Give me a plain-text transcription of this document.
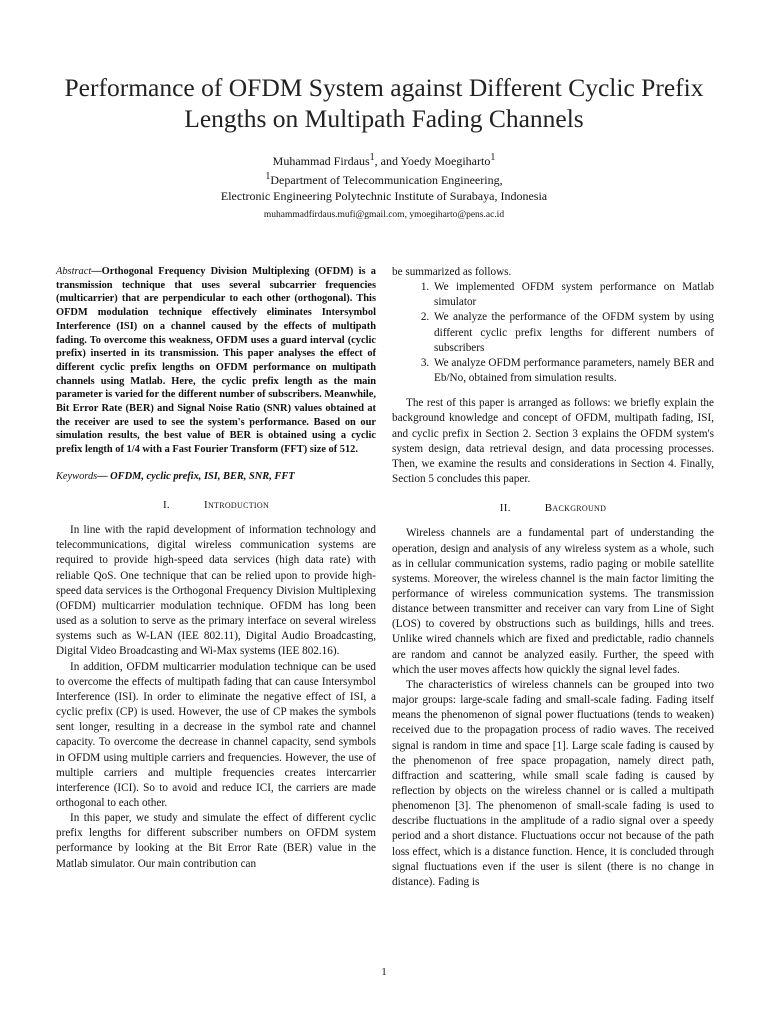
Performance of OFDM System against Different Cyclic Prefix Lengths on Multipath Fading Channels
Muhammad Firdaus$^1$, and Yoedy Moegiharto$^1$
$^1$Department of Telecommunication Engineering,
Electronic Engineering Polytechnic Institute of Surabaya, Indonesia
muhammadfirdaus.mufi@gmail.com, ymoegiharto@pens.ac.id

Abstract—Orthogonal Frequency Division Multiplexing (OFDM) is a transmission technique that uses several subcarrier frequencies (multicarrier) that are perpendicular to each other (orthogonal). This OFDM modulation technique effectively eliminates Intersymbol Interference (ISI) on a channel caused by the effects of multipath fading. To overcome this weakness, OFDM uses a guard interval (cyclic prefix) inserted in its transmission. This paper analyses the effect of different cyclic prefix lengths on OFDM performance on multipath channels using Matlab. Here, the cyclic prefix length as the main parameter is varied for the different number of subscribers. Meanwhile, Bit Error Rate (BER) and Signal Noise Ratio (SNR) values obtained at the receiver are used to see the system's performance. Based on our simulation results, the best value of BER is obtained using a cyclic prefix length of 1/4 with a Fast Fourier Transform (FFT) size of 512.

Keywords— OFDM, cyclic prefix, ISI, BER, SNR, FFT

I.	Introduction

In line with the rapid development of information technology and telecommunications, digital wireless communication systems are required to provide high-speed data services (high data rate) with reliable QoS. One technique that can be relied upon to provide high-speed data services is the Orthogonal Frequency Division Multiplexing (OFDM) multicarrier modulation technique. OFDM has long been used as a solution to serve as the primary interface on several wireless systems such as W-LAN (IEE 802.11), Digital Audio Broadcasting, Digital Video Broadcasting and Wi-Max systems (IEE 802.16).

In addition, OFDM multicarrier modulation technique can be used to overcome the effects of multipath fading that can cause Intersymbol Interference (ISI). In order to eliminate the negative effect of ISI, a cyclic prefix (CP) is used. However, the use of CP makes the symbols sent longer, resulting in a decrease in the symbol rate and channel capacity. To overcome the decrease in channel capacity, send symbols in OFDM using multiple carriers and frequencies. However, the use of multiple carriers and multiple frequencies creates intercarrier interference (ICI). So to avoid and reduce ICI, the carriers are made orthogonal to each other.

In this paper, we study and simulate the effect of different cyclic prefix lengths for different subscriber numbers on OFDM system performance by looking at the Bit Error Rate (BER) value in the Matlab simulator. Our main contribution can

be summarized as follows.

1. We implemented OFDM system performance on Matlab simulator
2. We analyze the performance of the OFDM system by using different cyclic prefix lengths for different numbers of subscribers
3. We analyze OFDM performance parameters, namely BER and Eb/No, obtained from simulation results.

The rest of this paper is arranged as follows: we briefly explain the background knowledge and concept of OFDM, multipath fading, ISI, and cyclic prefix in Section 2. Section 3 explains the OFDM system's system design, data retrieval design, and data processing processes. Then, we examine the results and considerations in Section 4. Finally, Section 5 concludes this paper.

II.	Background

Wireless channels are a fundamental part of understanding the operation, design and analysis of any wireless system as a whole, such as in cellular communication systems, radio paging or mobile satellite systems. Moreover, the wireless channel is the main factor limiting the performance of wireless communication systems. The transmission distance between transmitter and receiver can vary from Line of Sight (LOS) to covered by obstructions such as buildings, hills and trees. Unlike wired channels which are fixed and predictable, radio channels are random and cannot be analyzed easily. Further, the speed with which the user moves affects how quickly the signal level fades.

The characteristics of wireless channels can be grouped into two major groups: large-scale fading and small-scale fading. Fading itself means the phenomenon of signal power fluctuations (tends to weaken) received due to the propagation process of radio waves. The received signal is random in time and space [1]. Large scale fading is caused by the phenomenon of free space propagation, namely direct path, diffraction and scattering, while small scale fading is caused by reflection by objects on the wireless channel or is called a multipath phenomenon [3]. The phenomenon of small-scale fading is used to describe fluctuations in the amplitude of a radio signal over a speedy period and a short distance. Fluctuations occur not because of the path loss effect, which is a distance function. Hence, it is concluded through signal fluctuations even if the user is silent (there is no change in distance). Fading is

1
